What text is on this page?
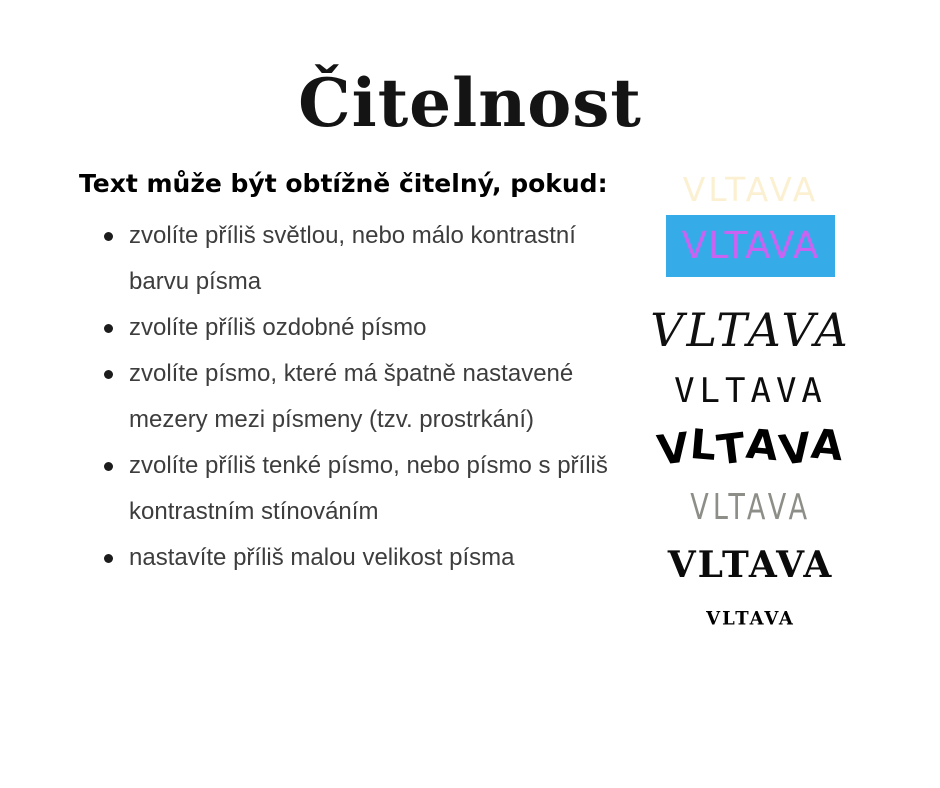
Čitelnost
Text může být obtížně čitelný, pokud:
zvolíte příliš světlou, nebo málo kontrastní barvu písma
zvolíte příliš ozdobné písmo
zvolíte písmo, které má špatně nastavené mezery mezi písmeny (tzv. prostrkání)
zvolíte příliš tenké písmo, nebo písmo s příliš kontrastním stínováním
nastavíte příliš malou velikost písma
VLTAVA
VLTAVA
VLTAVA
VLTAVA
VLTAVA
VLTAVA
VLTAVA
VLTAVA
